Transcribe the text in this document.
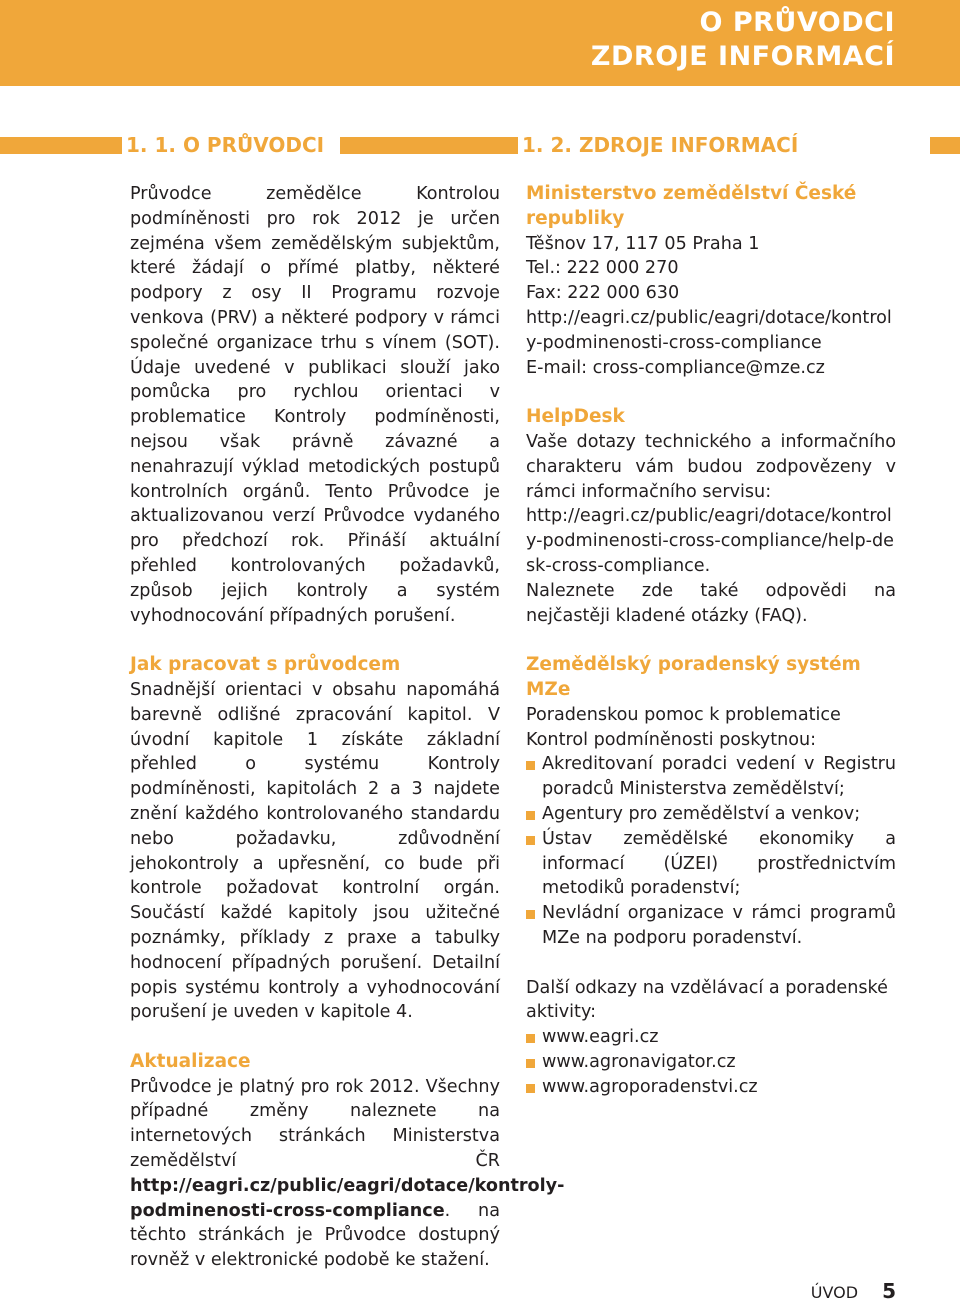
O PRŮVODCI
ZDROJE INFORMACÍ
1. 1. O PRŮVODCI	1. 2. ZDROJE INFORMACÍ

Průvodce zemědělce Kontrolou podmíněnosti pro rok 2012 je určen zejména všem zemědělským subjektům, které žádají o přímé platby, některé podpory z osy II Programu rozvoje venkova (PRV) a některé podpory v rámci společné organizace trhu s vínem (SOT). Údaje uvedené v publikaci slouží jako pomůcka pro rychlou orientaci v problematice Kontroly podmíněnosti, nejsou však právně závazné a nenahrazují výklad metodických postupů kontrolních orgánů. Tento Průvodce je aktualizovanou verzí Průvodce vydaného pro předchozí rok. Přináší aktuální přehled kontrolovaných požadavků, způsob jejich kontroly a systém vyhodnocování případných porušení.

Jak pracovat s průvodcem

Snadnější orientaci v obsahu napomáhá barevně odlišné zpracování kapitol. V úvodní kapitole 1 získáte základní přehled o systému Kontroly podmíněnosti, kapitolách 2 a 3 najdete znění každého kontrolovaného standardu nebo požadavku, zdůvodnění jehokontroly a upřesnění, co bude při kontrole požadovat kontrolní orgán. Součástí každé kapitoly jsou užitečné poznámky, příklady z praxe a tabulky hodnocení případných porušení. Detailní popis systému kontroly a vyhodnocování porušení je uveden v kapitole 4.

Aktualizace

Průvodce je platný pro rok 2012. Všechny případné změny naleznete na internetových stránkách Ministerstva zemědělství ČR http://eagri.cz/public/eagri/dotace/kontroly-podminenosti-cross-compliance. na těchto stránkách je Průvodce dostupný rovněž v elektronické podobě ke stažení.

Ministerstvo zemědělství České republiky

Těšnov 17, 117 05 Praha 1

Tel.: 222 000 270

Fax: 222 000 630

http://eagri.cz/public/eagri/dotace/kontroly-podminenosti-cross-compliance

E-mail: cross-compliance@mze.cz

HelpDesk

Vaše dotazy technického a informačního charakteru vám budou zodpovězeny v rámci informačního servisu:

http://eagri.cz/public/eagri/dotace/kontroly-podminenosti-cross-compliance/help-desk-cross-compliance.

Naleznete zde také odpovědi na nejčastěji kladené otázky (FAQ).

Zemědělský poradenský systém MZe

Poradenskou pomoc k problematice Kontrol podmíněnosti poskytnou:

Akreditovaní poradci vedení v Registru poradců Ministerstva zemědělství;
Agentury pro zemědělství a venkov;
Ústav zemědělské ekonomiky a informací (ÚZEI) prostřednictvím metodiků poradenství;
Nevládní organizace v rámci programů MZe na podporu poradenství.

Další odkazy na vzdělávací a poradenské aktivity:

www.eagri.cz
www.agronavigator.cz
www.agroporadenstvi.cz
ÚVOD 5
